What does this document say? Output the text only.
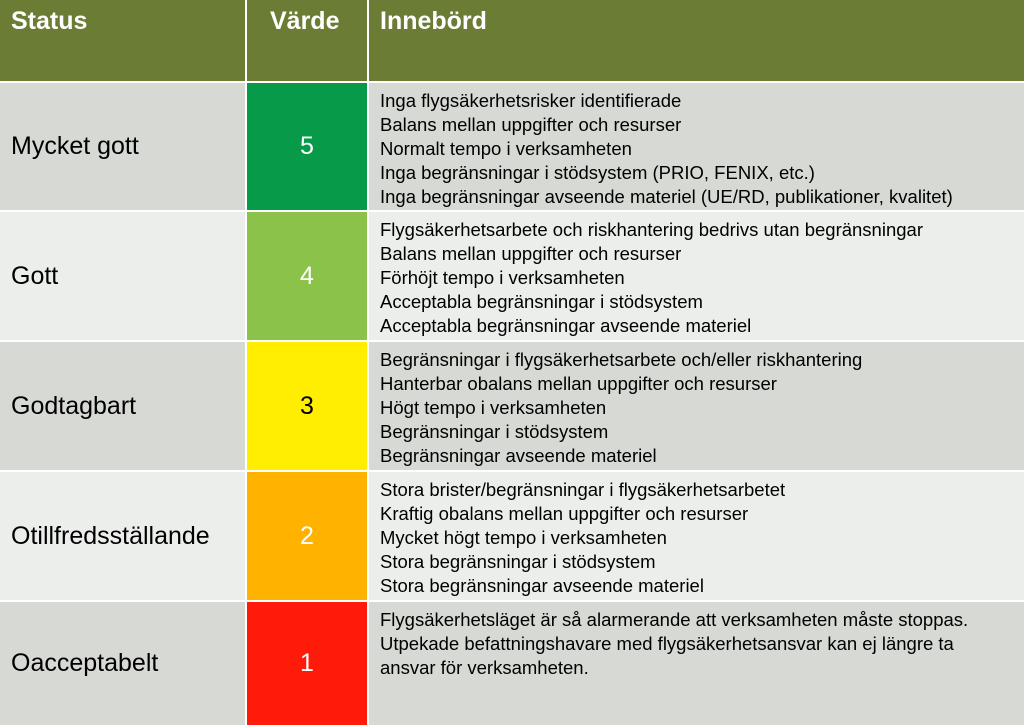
Status	Värde	Innebörd
Mycket gott	5
Inga flygsäkerhetsrisker identifierade
Balans mellan uppgifter och resurser
Normalt tempo i verksamheten
Inga begränsningar i stödsystem (PRIO, FENIX, etc.)
Inga begränsningar avseende materiel (UE/RD, publikationer, kvalitet)
Gott	4
Flygsäkerhetsarbete och riskhantering bedrivs utan begränsningar
Balans mellan uppgifter och resurser
Förhöjt tempo i verksamheten
Acceptabla begränsningar i stödsystem
Acceptabla begränsningar avseende materiel
Godtagbart	3
Begränsningar i flygsäkerhetsarbete och/eller riskhantering
Hanterbar obalans mellan uppgifter och resurser
Högt tempo i verksamheten
Begränsningar i stödsystem
Begränsningar avseende materiel
Otillfredsställande	2
Stora brister/begränsningar i flygsäkerhetsarbetet
Kraftig obalans mellan uppgifter och resurser
Mycket högt tempo i verksamheten
Stora begränsningar i stödsystem
Stora begränsningar avseende materiel
Oacceptabelt	1
Flygsäkerhetsläget är så alarmerande att verksamheten måste stoppas.
Utpekade befattningshavare med flygsäkerhetsansvar kan ej längre ta
ansvar för verksamheten.
